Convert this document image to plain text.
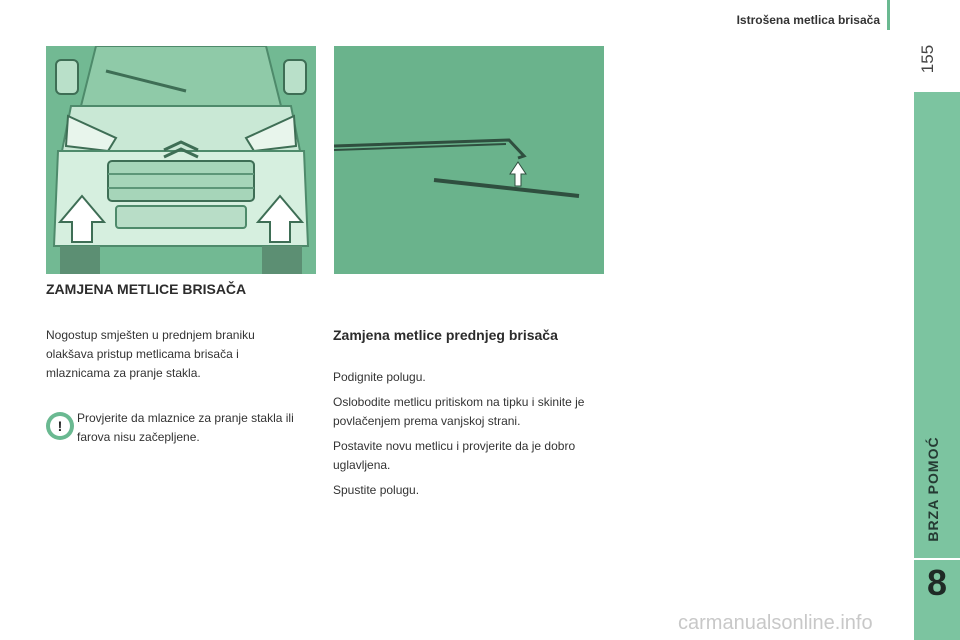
Istrošena metlica brisača
155
BRZA POMOĆ
8
ZAMJENA METLICE BRISAČA

Nogostup smješten u prednjem braniku olakšava pristup metlicama brisača i mlaznicama za pranje stakla.

!	Provjerite da mlaznice za pranje stakla ili farova nisu začepljene.

Zamjena metlice prednjeg brisača

Podignite polugu.

Oslobodite metlicu pritiskom na tipku i skinite je povlačenjem prema vanjskoj strani.

Postavite novu metlicu i provjerite da je dobro uglavljena.

Spustite polugu.

carmanualsonline.info
